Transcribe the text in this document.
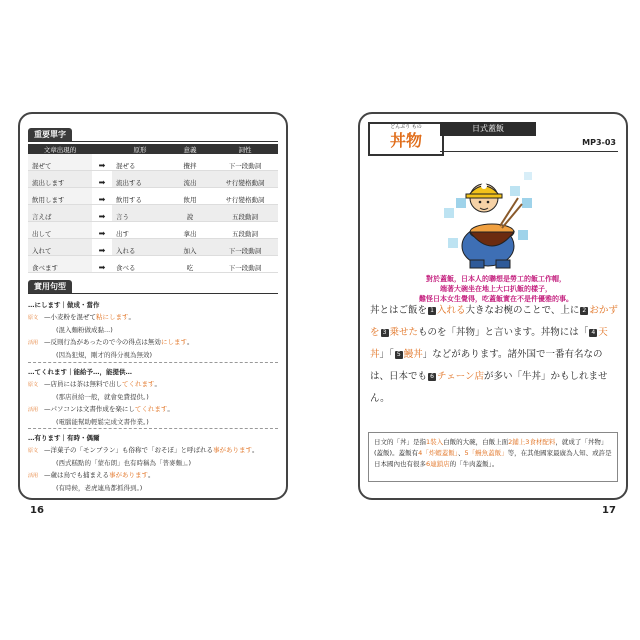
重要單字
文章出現的		原形	意義	詞性
混ぜて	➡	混ぜる	攪拌	下一段動詞
流出します	➡	流出する	流出	サ行變格動詞
飲用します	➡	飲用する	飲用	サ行變格動詞
言えば	➡	言う	說	五段動詞
出して	➡	出す	拿出	五段動詞
入れて	➡	入れる	加入	下一段動詞
食べます	➡	食べる	吃	下一段動詞
實用句型
…にします｜做成・當作
原文 —小麦粉を混ぜて 粘にします 。
(混入麵粉做成黏...)
活用 —反則行為があったので今の得点は無効 にします 。
(因為犯規，剛才的得分視為無效)
…てくれます｜能給予…，能提供…
原文 —店員には茶は無料で出し てくれます 。
(那店員給一般，就會免費提供。)
活用 —パソコンは文書作成を楽にし てくれます 。
(電腦能幫助輕鬆完成文書作業。)
…有ります｜有時・偶爾
原文 —洋菓子の「モンブラン」も俗称で「おそぼ」と呼ばれる 事があります 。
(西式糕點的「蒙布朗」也有時稱為「普麥麵」。)
活用 —歳は鳥でも捕まえる 事があります 。
(有時候，老虎連鳥都抓得到。)
16
どんぶり もの
丼物
日式蓋飯
MP3-03
對於蓋飯，日本人的聯想是勞工的飯工作帽，
端著大碗坐在地上大口扒飯的樣子，
難怪日本女生覺得，吃蓋飯實在不是件優雅的事。
丼とはご飯を 1 入れる大きなお椀のことで、上に 2 おかずを 3 乗せたものを「丼物」と言います。丼物には「 4 天丼」「 5 鰻丼」などがあります。諸外国で一番有名なのは、日本でも 6 チェーン店が多い「牛丼」かもしれません。
日文的「丼」是指1裝入白飯的大碗，白飯上面2鋪上3食材配料，就成了「丼物」(蓋飯)。蓋飯有4「炸蝦蓋飯」、5「鰻魚蓋飯」等，在其他國家最廣為人知、或許是日本國內也有很多6連鎖店的「牛肉蓋飯」。
17
